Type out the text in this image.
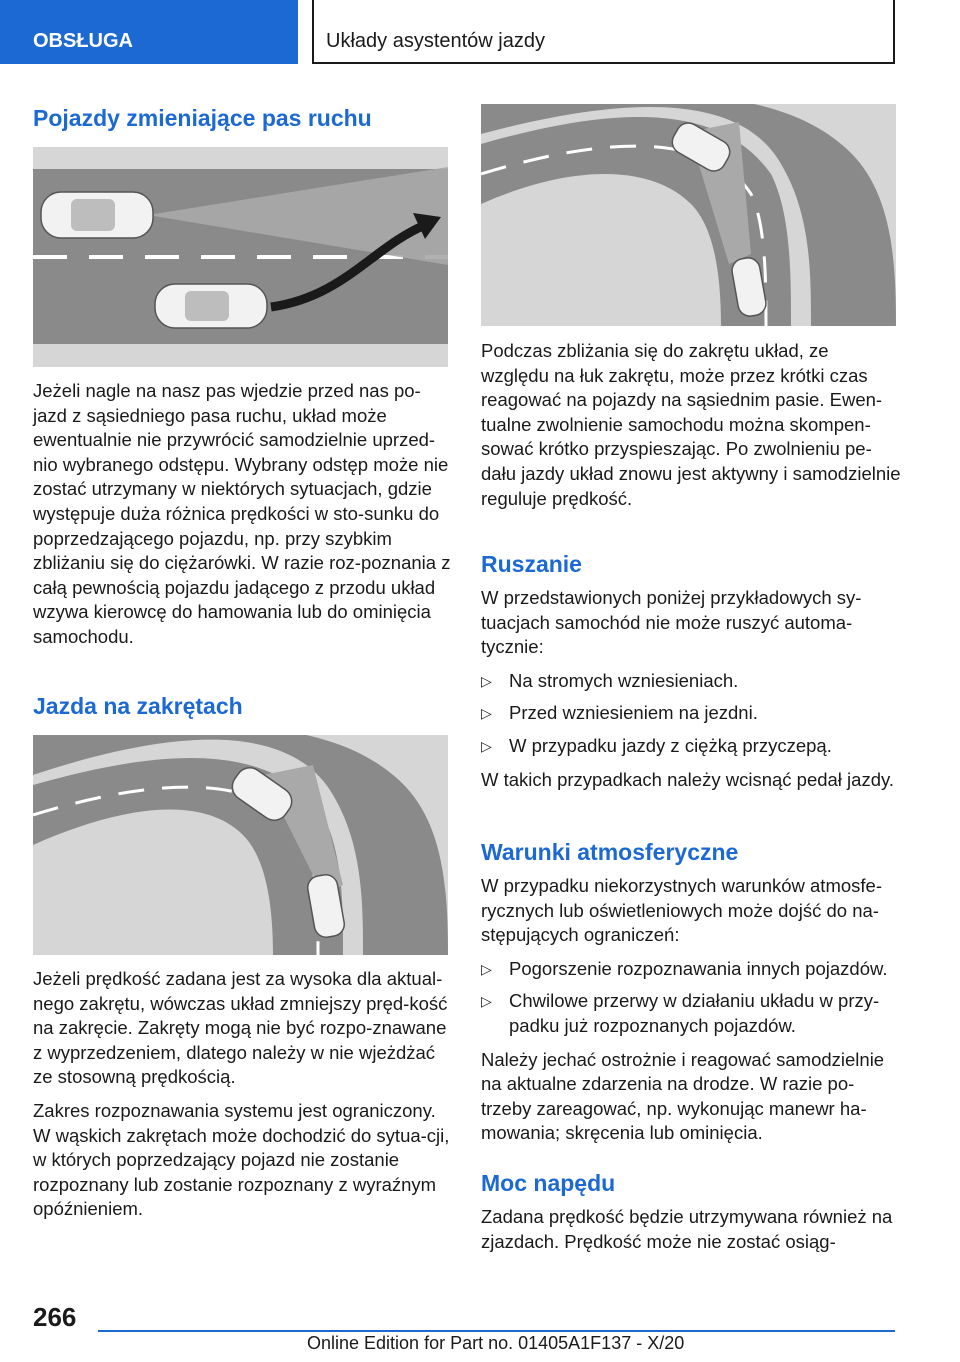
OBSŁUGA	Układy asystentów jazdy
Pojazdy zmieniające pas ruchu

Jeżeli nagle na nasz pas wjedzie przed nas po‐jazd z sąsiedniego pasa ruchu, układ może ewentualnie nie przywrócić samodzielnie uprzed‐nio wybranego odstępu. Wybrany odstęp może nie zostać utrzymany w niektórych sytuacjach, gdzie występuje duża różnica prędkości w sto‐sunku do poprzedzającego pojazdu, np. przy szybkim zbliżaniu się do ciężarówki. W razie roz‐poznania z całą pewnością pojazdu jadącego z przodu układ wzywa kierowcę do hamowania lub do ominięcia samochodu.

Jazda na zakrętach

Jeżeli prędkość zadana jest za wysoka dla aktual‐nego zakrętu, wówczas układ zmniejszy pręd‐kość na zakręcie. Zakręty mogą nie być rozpo‐znawane z wyprzedzeniem, dlatego należy w nie wjeżdżać ze stosowną prędkością.

Zakres rozpoznawania systemu jest ograniczony. W wąskich zakrętach może dochodzić do sytua‐cji, w których poprzedzający pojazd nie zostanie rozpoznany lub zostanie rozpoznany z wyraźnym opóźnieniem.

Podczas zbliżania się do zakrętu układ, ze względu na łuk zakrętu, może przez krótki czas reagować na pojazdy na sąsiednim pasie. Ewen‐tualne zwolnienie samochodu można skompen‐sować krótko przyspieszając. Po zwolnieniu pe‐dału jazdy układ znowu jest aktywny i samodzielnie reguluje prędkość.

Ruszanie

W przedstawionych poniżej przykładowych sy‐tuacjach samochód nie może ruszyć automa‐tycznie:

▷ Na stromych wzniesieniach.
▷ Przed wzniesieniem na jezdni.
▷ W przypadku jazdy z ciężką przyczepą.

W takich przypadkach należy wcisnąć pedał jazdy.

Warunki atmosferyczne

W przypadku niekorzystnych warunków atmosfe‐rycznych lub oświetleniowych może dojść do na‐stępujących ograniczeń:

▷ Pogorszenie rozpoznawania innych pojazdów.
▷ Chwilowe przerwy w działaniu układu w przy‐padku już rozpoznanych pojazdów.

Należy jechać ostrożnie i reagować samodzielnie na aktualne zdarzenia na drodze. W razie po‐trzeby zareagować, np. wykonując manewr ha‐mowania; skręcenia lub ominięcia.

Moc napędu

Zadana prędkość będzie utrzymywana również na zjazdach. Prędkość może nie zostać osiąg‐

266
Online Edition for Part no. 01405A1F137 - X/20
